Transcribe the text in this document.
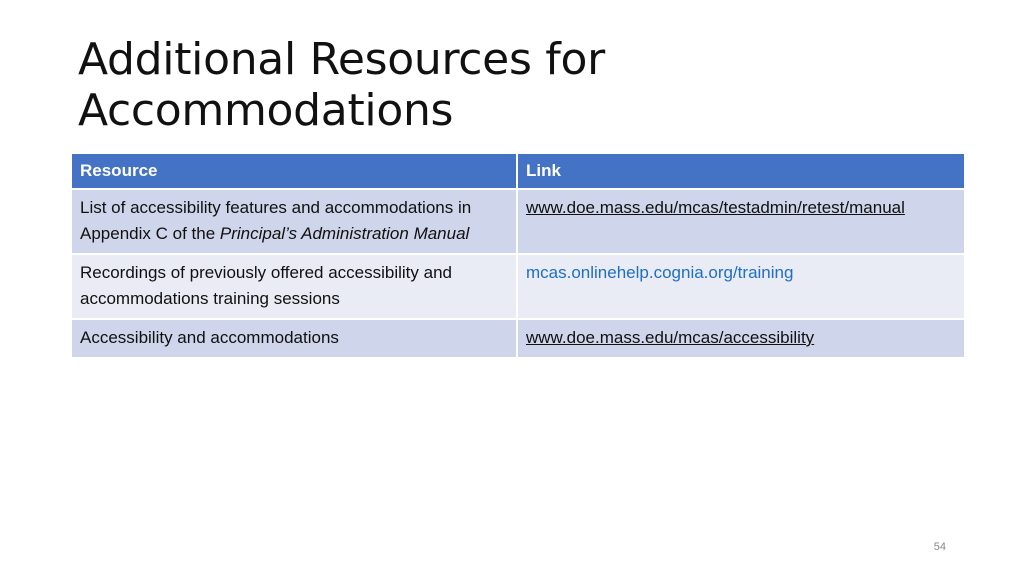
Additional Resources for
Accommodations
Resource	Link
List of accessibility features and accommodations in Appendix C of the Principal’s Administration Manual	www.doe.mass.edu/mcas/testadmin/retest/manual
Recordings of previously offered accessibility and accommodations training sessions	mcas.onlinehelp.cognia.org/training
Accessibility and accommodations	www.doe.mass.edu/mcas/accessibility
54
